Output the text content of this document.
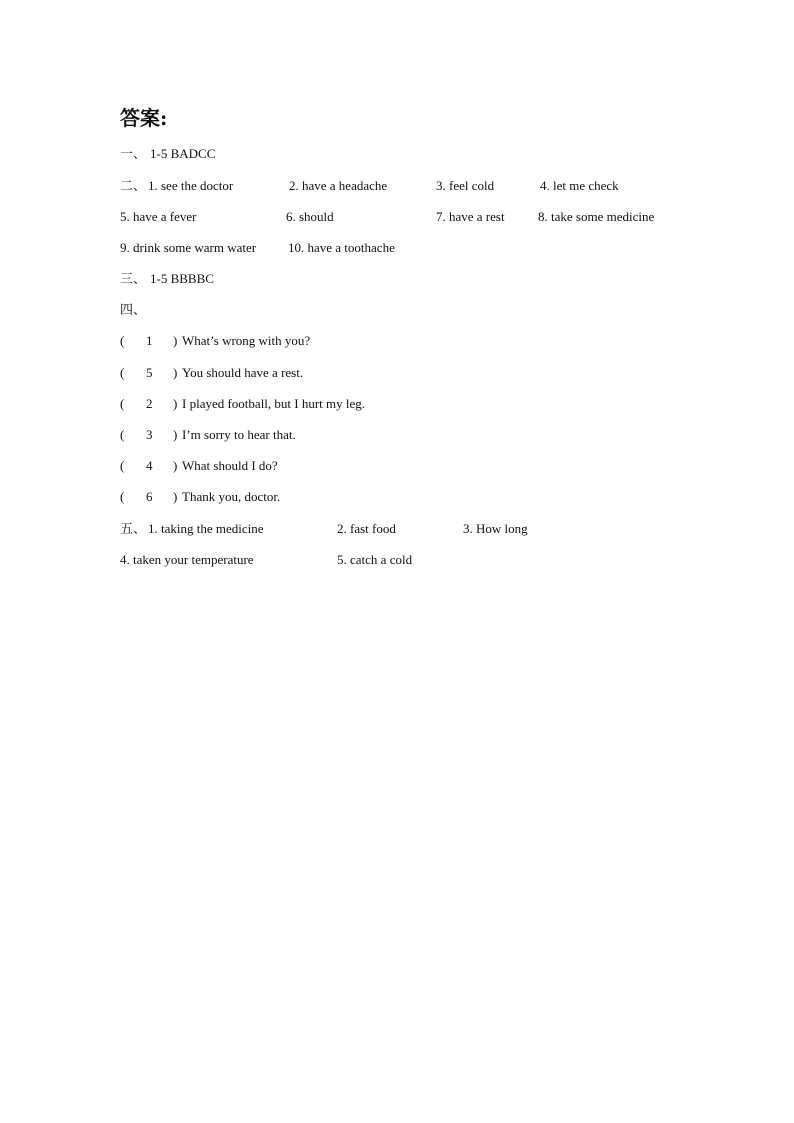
答案:
一、 1-5 BADCC
二、 1. see the doctor	2. have a headache	3. feel cold	4. let me check
5. have a fever	6. should	7. have a rest	8. take some medicine
9. drink some warm water 10. have a toothache
三、 1-5 BBBBC
四、
( 1 ) What’s wrong with you?
( 5 ) You should have a rest.
( 2 ) I played football, but I hurt my leg.
( 3 ) I’m sorry to hear that.
( 4 ) What should I do?
( 6 ) Thank you, doctor.
五、 1. taking the medicine	2. fast food	3. How long
4. taken your temperature	5. catch a cold
